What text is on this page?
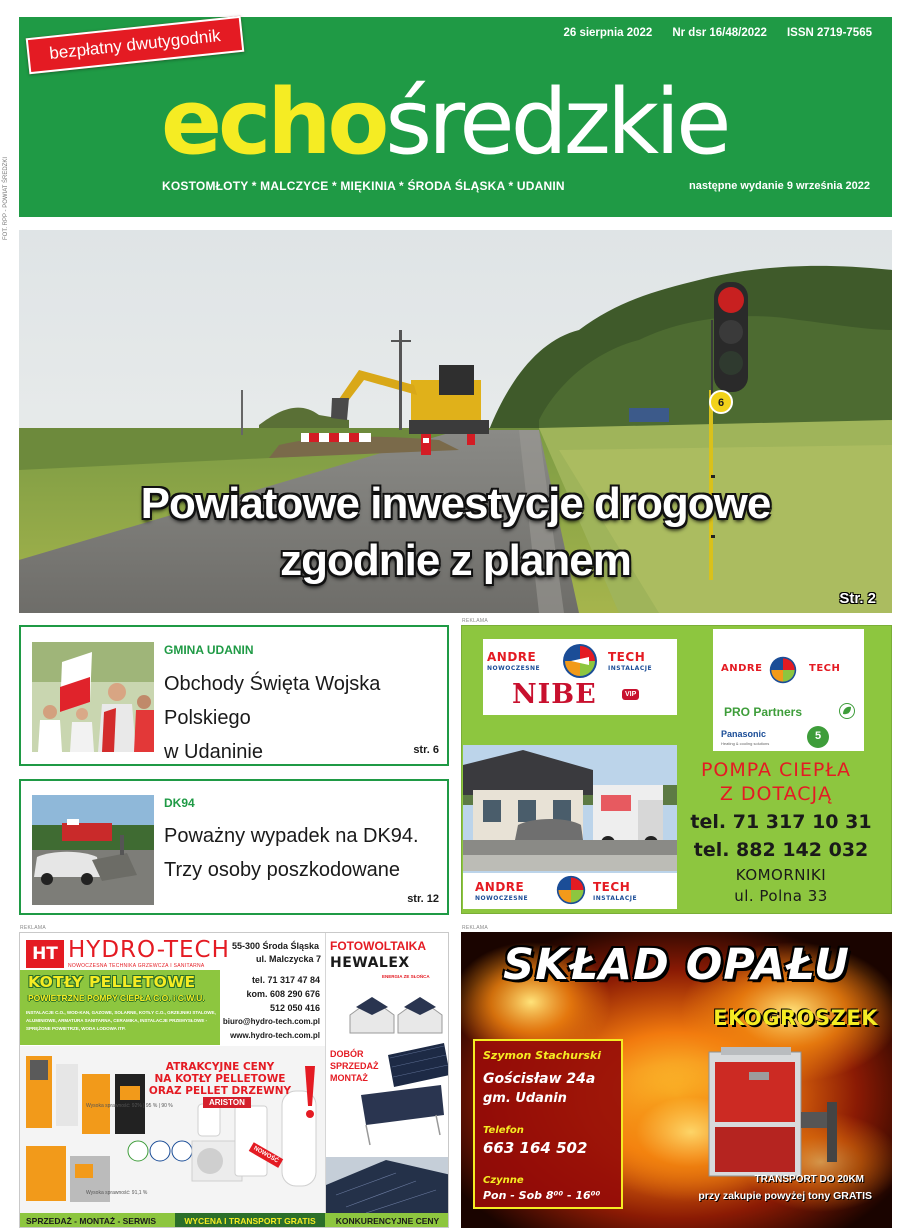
bezpłatny dwutygodnik	26 sierpnia 2022 Nr dsr 16/48/2022 ISSN 2719-7565
echośredzkie
KOSTOMŁOTY * MALCZYCE * MIĘKINIA * ŚRODA ŚLĄSKA * UDANIN	następne wydanie 9 września 2022
FOT. RPP - POWIAT ŚREDZKI
6
Powiatowe inwestycje drogowe
zgodnie z planem
Str. 2
GMINA UDANIN
Obchody Święta Wojska Polskiego
w Udaninie	str. 6
DK94
Poważny wypadek na DK94.
Trzy osoby poszkodowane
str. 12
REKLAMA
REKLAMA	REKLAMA
ANDRE	TECH
NOWOCZESNE	INSTALACJE
NIBE	VIP
ANDRE	TECH
PRO Partners
Panasonic
Heating & cooling solutions
5
ANDRE	TECH
NOWOCZESNE	INSTALACJE
POMPA CIEPŁA
Z DOTACJĄ
tel. 71 317 10 31
tel. 882 142 032
KOMORNIKI
ul. Polna 33
HT HYDRO-TECH
NOWOCZESNA TECHNIKA GRZEWCZA I SANITARNA
55-300 Środa Śląska
ul. Malczycka 7
tel. 71 317 47 84
kom. 608 290 676
512 050 416
biuro@hydro-tech.com.pl
www.hydro-tech.com.pl
KOTŁY PELLETOWE
POWIETRZNE POMPY CIEPŁA C.O. i C.W.U.
INSTALACJE C.O., WOD-KAN, GAZOWE, SOLARNE, KOTŁY C.O., GRZEJNIKI STALOWE, ALUMINIOWE, ARMATURA SANITARNA, CERAMIKA, INSTALACJE PRZEMYSŁOWE - SPRĘŻONE POWIETRZE, WODA LODOWA ITP.
ATRAKCYJNE CENY
NA KOTŁY PELLETOWE
ORAZ PELLET DRZEWNY
ARISTON
Wysoka sprawność: 92% | 95 % | 90 %
Wysoka sprawność: 91,1 %
NOWOŚĆ
FOTOWOLTAIKA
HEWALEX
ENERGIA ZE SŁOŃCA
DOBÓR SPRZEDAŻ MONTAŻ
SPRZEDAŻ - MONTAŻ - SERWIS	WYCENA I TRANSPORT GRATIS	KONKURENCYJNE CENY
SKŁAD OPAŁU
EKOGROSZEK
Szymon Stachurski
Gościsław 24a
gm. Udanin
Telefon
663 164 502
Czynne
Pon - Sob 8⁰⁰ - 16⁰⁰
TRANSPORT DO 20KM
przy zakupie powyżej tony GRATIS
